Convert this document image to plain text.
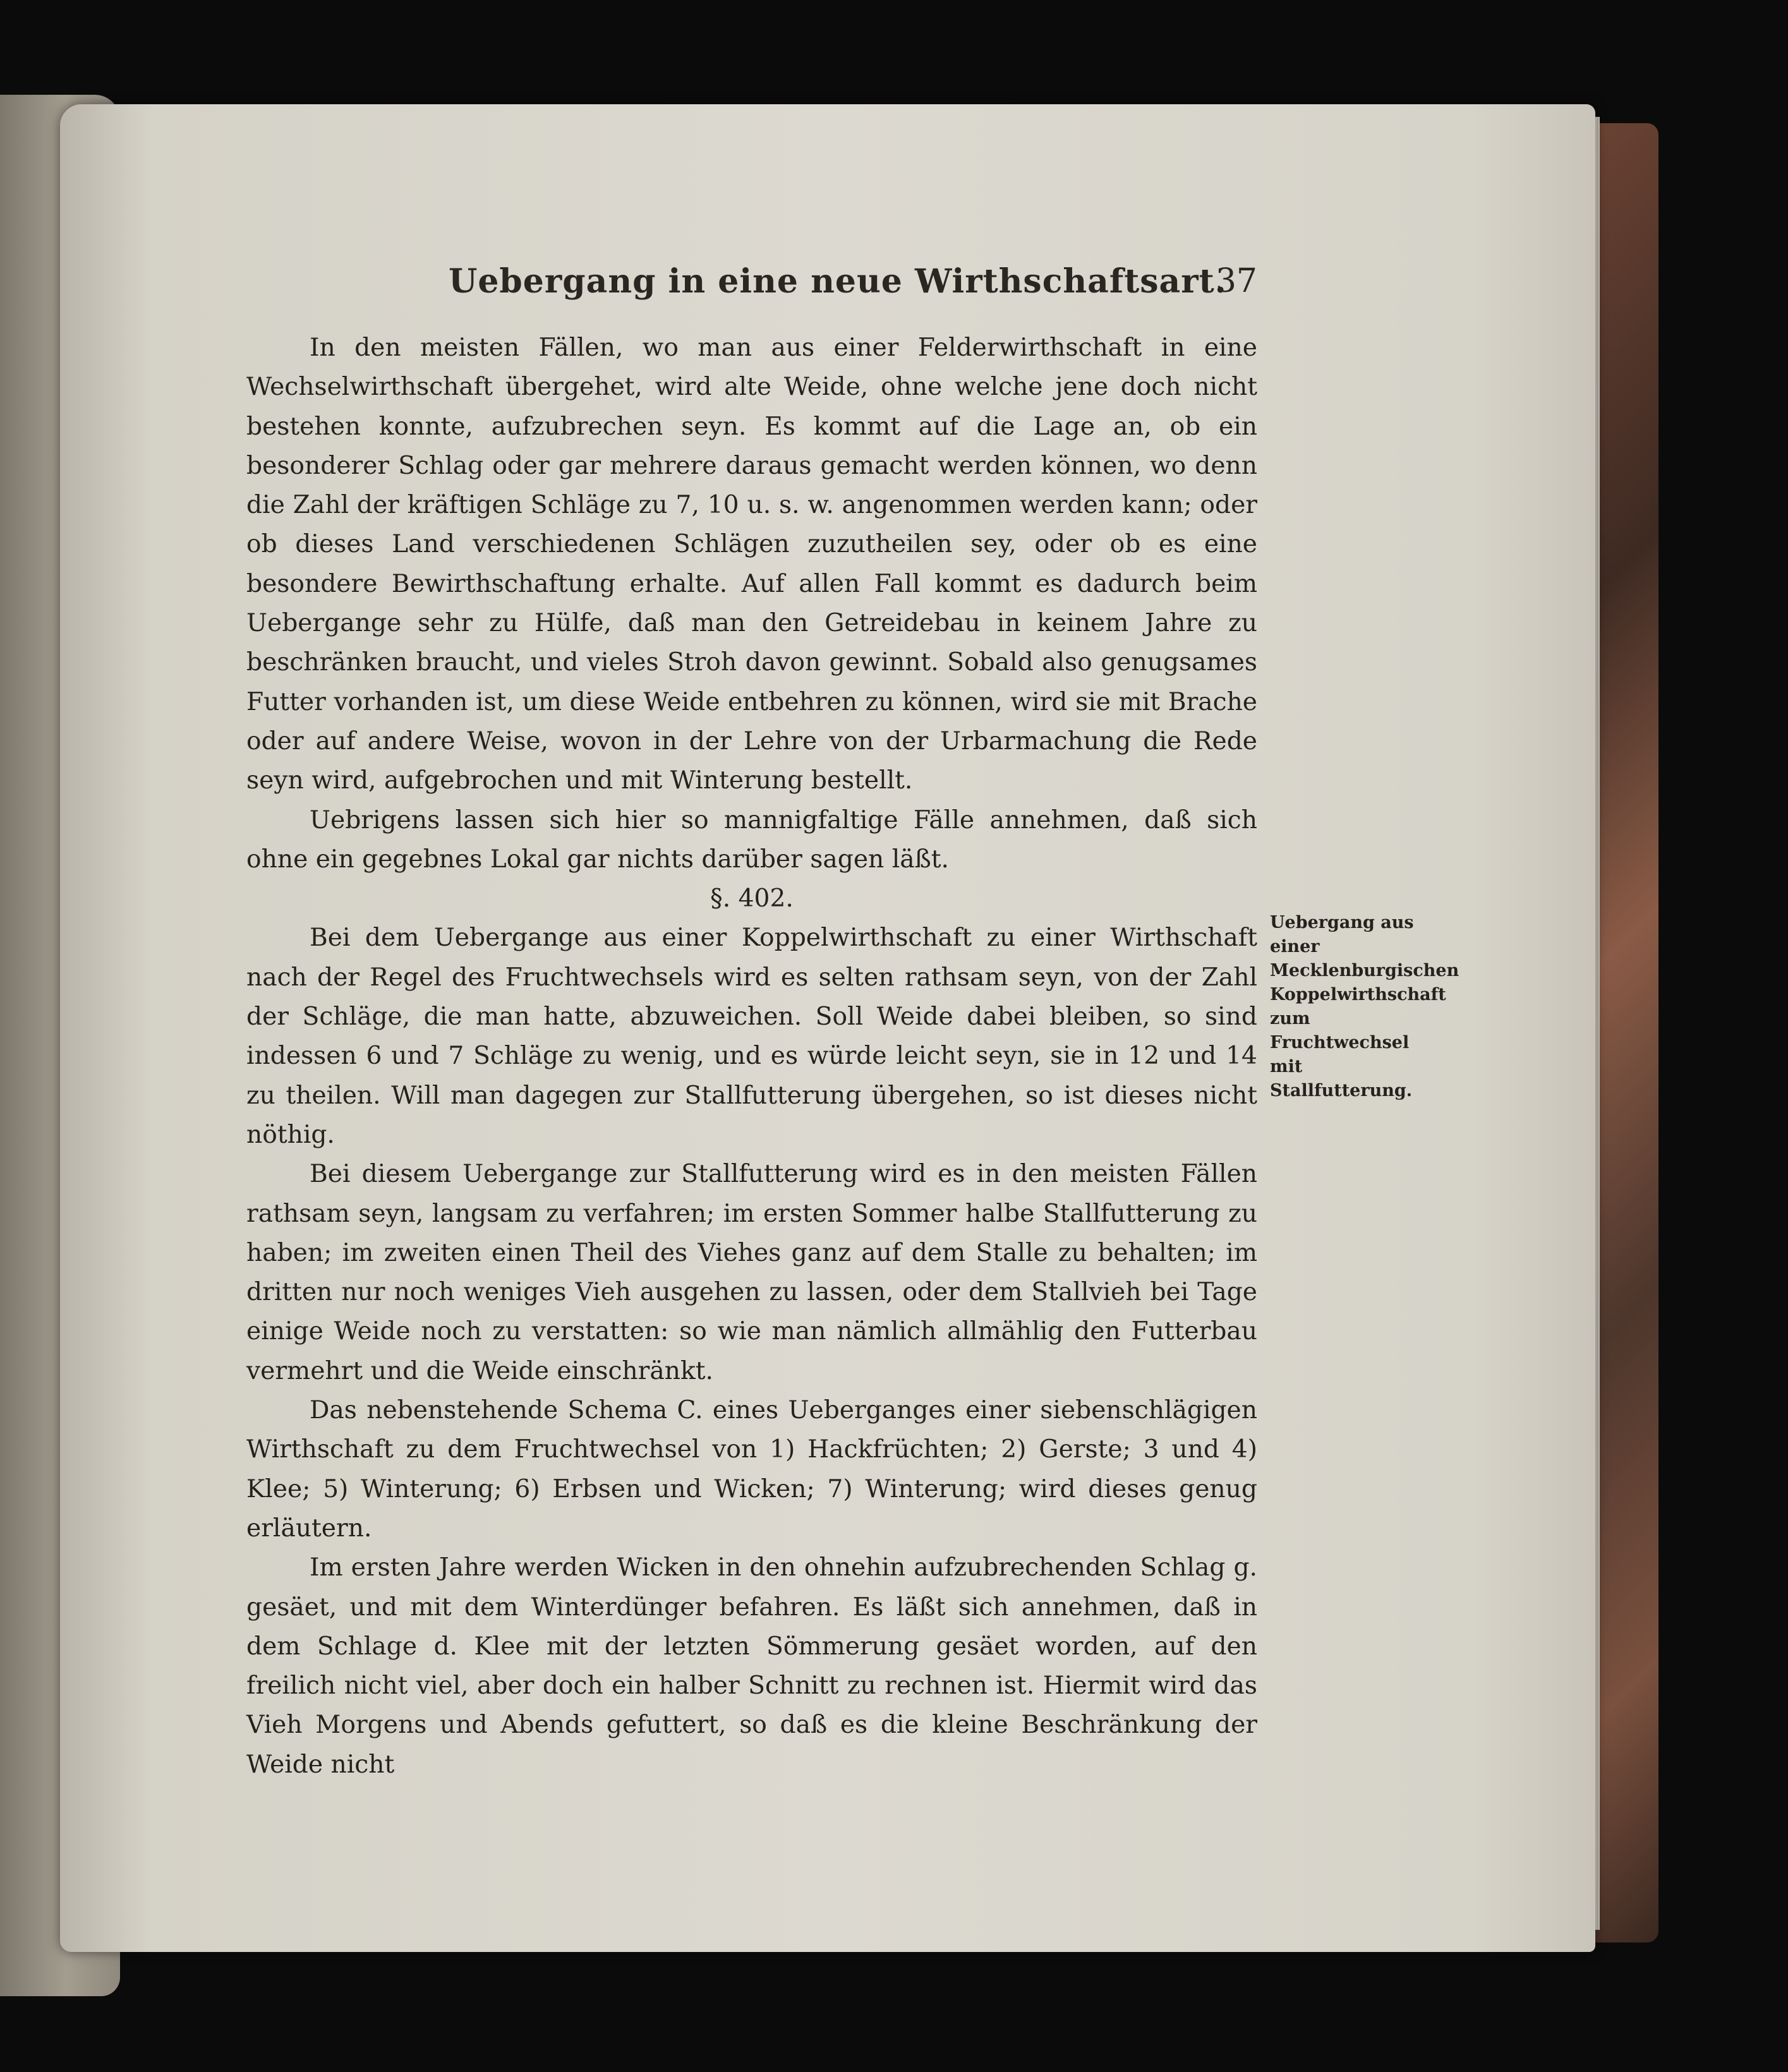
Uebergang in eine neue Wirthschaftsart.
37

In den meisten Fällen, wo man aus einer Felderwirthschaft in eine Wechselwirthschaft übergehet, wird alte Weide, ohne welche jene doch nicht bestehen konnte, aufzubrechen seyn. Es kommt auf die Lage an, ob ein besonderer Schlag oder gar mehrere daraus gemacht werden können, wo denn die Zahl der kräftigen Schläge zu 7, 10 u. s. w. angenommen werden kann; oder ob dieses Land verschiedenen Schlägen zuzutheilen sey, oder ob es eine besondere Bewirthschaftung erhalte. Auf allen Fall kommt es dadurch beim Uebergange sehr zu Hülfe, daß man den Getreidebau in keinem Jahre zu beschränken braucht, und vieles Stroh davon gewinnt. Sobald also genugsames Futter vorhanden ist, um diese Weide entbehren zu können, wird sie mit Brache oder auf andere Weise, wovon in der Lehre von der Urbarmachung die Rede seyn wird, aufgebrochen und mit Winterung bestellt.

Uebrigens lassen sich hier so mannigfaltige Fälle annehmen, daß sich ohne ein gegebnes Lokal gar nichts darüber sagen läßt.

§. 402.

Bei dem Uebergange aus einer Koppelwirthschaft zu einer Wirthschaft nach der Regel des Fruchtwechsels wird es selten rathsam seyn, von der Zahl der Schläge, die man hatte, abzuweichen. Soll Weide dabei bleiben, so sind indessen 6 und 7 Schläge zu wenig, und es würde leicht seyn, sie in 12 und 14 zu theilen. Will man dagegen zur Stallfutterung übergehen, so ist dieses nicht nöthig.

Bei diesem Uebergange zur Stallfutterung wird es in den meisten Fällen rathsam seyn, langsam zu verfahren; im ersten Sommer halbe Stallfutterung zu haben; im zweiten einen Theil des Viehes ganz auf dem Stalle zu behalten; im dritten nur noch weniges Vieh ausgehen zu lassen, oder dem Stallvieh bei Tage einige Weide noch zu verstatten: so wie man nämlich allmählig den Futterbau vermehrt und die Weide einschränkt.

Das nebenstehende Schema C. eines Ueberganges einer siebenschlägigen Wirthschaft zu dem Fruchtwechsel von 1) Hackfrüchten; 2) Gerste; 3 und 4) Klee; 5) Winterung; 6) Erbsen und Wicken; 7) Winterung; wird dieses genug erläutern.

Im ersten Jahre werden Wicken in den ohnehin aufzubrechenden Schlag g. gesäet, und mit dem Winterdünger befahren. Es läßt sich annehmen, daß in dem Schlage d. Klee mit der letzten Sömmerung gesäet worden, auf den freilich nicht viel, aber doch ein halber Schnitt zu rechnen ist. Hiermit wird das Vieh Morgens und Abends gefuttert, so daß es die kleine Beschränkung der Weide nicht

Uebergang aus einer Mecklenburgischen Koppelwirthschaft zum Fruchtwechsel mit Stallfutterung.
